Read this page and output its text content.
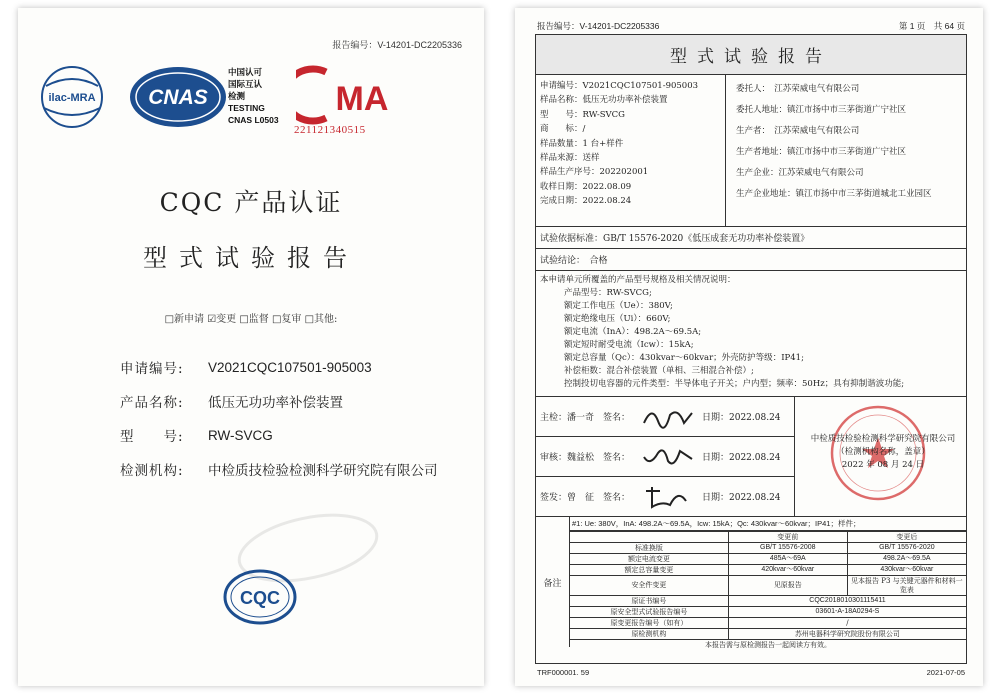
报告编号：V-14201-DC2205336
ilac-MRA	CNAS
中国认可
国际互认
检测
TESTING
CNAS L0503
MA
221121340515
CQC 产品认证
型式试验报告
□新申请 ☑变更 □监督 □复审 □其他:
申请编号:	V2021CQC107501-905003
产品名称:	低压无功功率补偿装置
型　　号:	RW-SVCG
检测机构:	中检质技检验检测科学研究院有限公司
CQC
报告编号：V-14201-DC2205336	第 1 页　共 64 页
型式试验报告
申请编号：V2021CQC107501-905003
样品名称：低压无功功率补偿装置
型　　号：RW-SVCG
商　　标：/
样品数量：1 台+样件
样品来源：送样
样品生产序号：202202001
收样日期：2022.08.09
完成日期：2022.08.24
委托人：　江苏荣威电气有限公司
委托人地址：镇江市扬中市三茅街道广宁社区
生产者：　江苏荣威电气有限公司
生产者地址：镇江市扬中市三茅街道广宁社区
生产企业：江苏荣威电气有限公司
生产企业地址：镇江市扬中市三茅街道城北工业园区
试验依据标准：GB/T 15576-2020《低压成套无功功率补偿装置》
试验结论：　合格
本申请单元所覆盖的产品型号规格及相关情况说明：
产品型号：RW-SVCG;
额定工作电压（Ue）：380V;
额定绝缘电压（Ui）：660V;
额定电流（InA）：498.2A～69.5A;
额定短时耐受电流（Icw）：15kA;
额定总容量（Qc）：430kvar～60kvar；外壳防护等级：IP41;
补偿柜数：混合补偿装置（单相、三相混合补偿）;
控制投切电容器的元件类型：半导体电子开关；户内型；频率：50Hz；具有抑制谐波功能;
主检：潘一奇　签名：	日期：2022.08.24
审核：魏益松　签名：	日期：2022.08.24
签发：曾　征　签名：	日期：2022.08.24
中检质技检验检测科学研究院有限公司
（检测机构名称，盖章）
2022 年 08 月 24 日
备注
#1: Ue: 380V，InA: 498.2A～69.5A，Icw: 15kA；Qc: 430kvar～60kvar；IP41；样件；
	变更前	变更后
标准换版	GB/T 15576-2008	GB/T 15576-2020
额定电流变更	485A～69A	498.2A～69.5A
额定总容量变更	420kvar～60kvar	430kvar～60kvar
安全件变更	见原报告	见本报告 P3 与关键元器件和材料一览表
原证书编号	CQC2018010301115411	
原安全型式试验报告编号	03601-A-18A0294-S	
原变更报告编号（如有）	/	
原检测机构	苏州电器科学研究院股份有限公司	
本报告需与原检测报告一起阅读方有效。
TRF000001. 59	2021-07-05
